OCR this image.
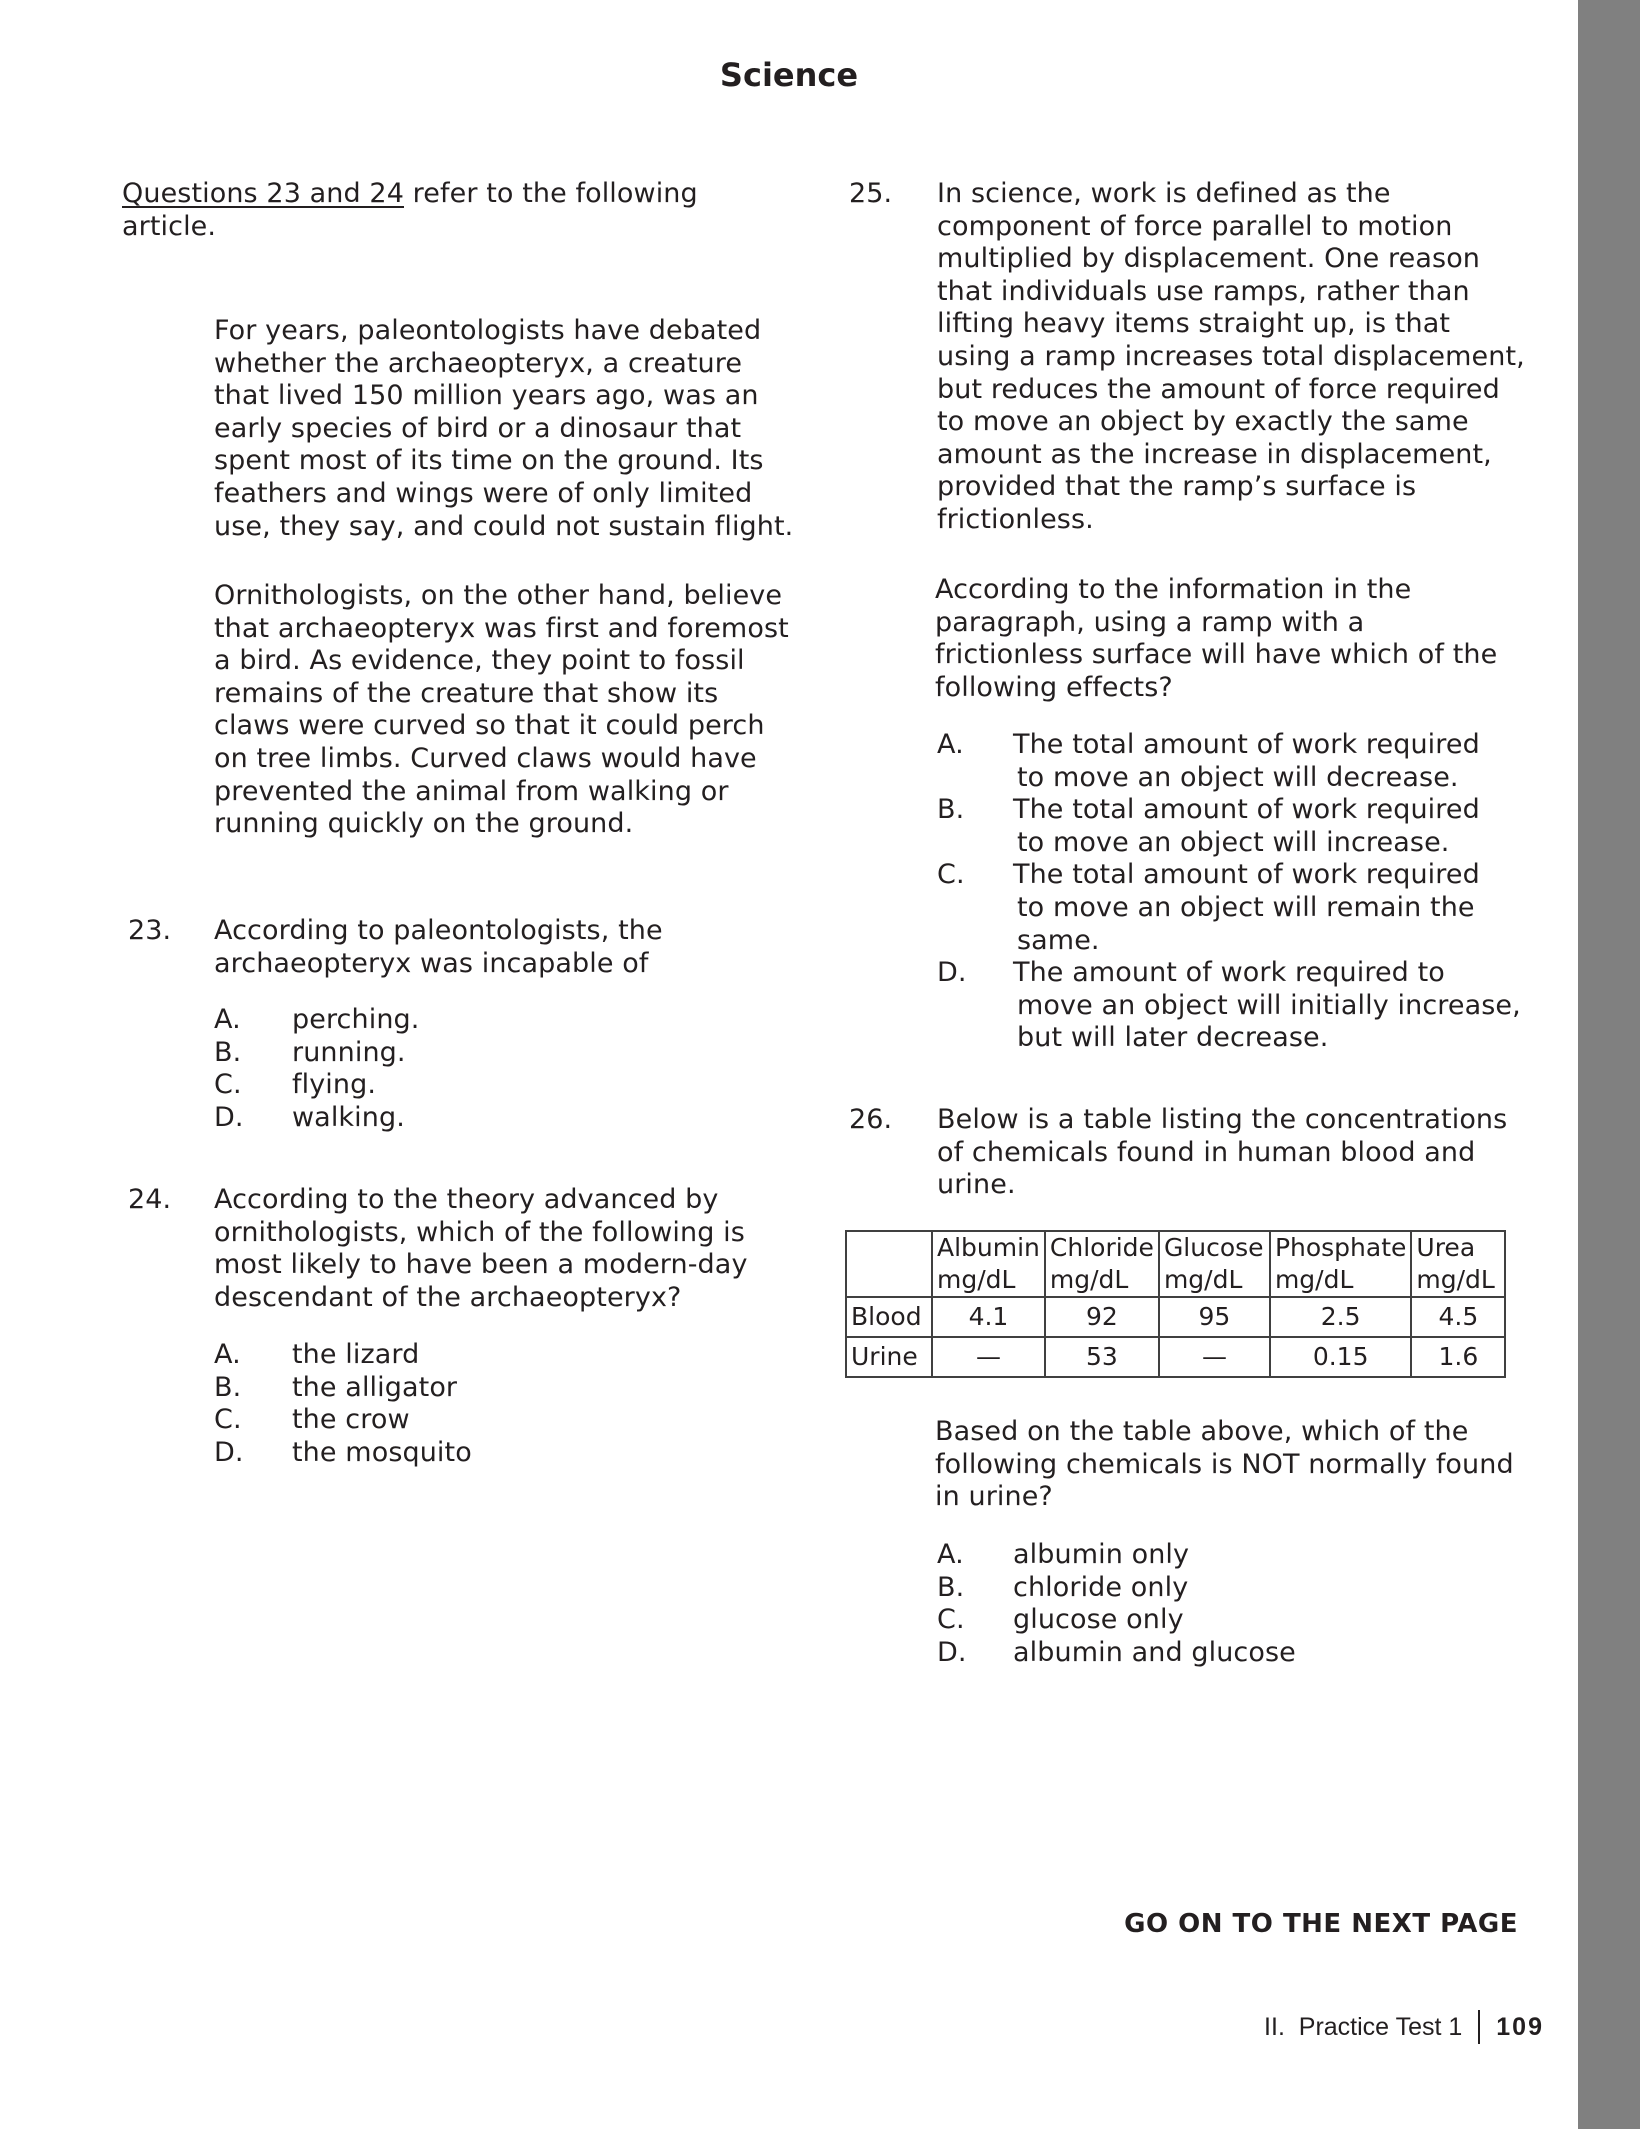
Science
Questions 23 and 24 refer to the following
article.
For years, paleontologists have debated
whether the archaeopteryx, a creature
that lived 150 million years ago, was an
early species of bird or a dinosaur that
spent most of its time on the ground. Its
feathers and wings were of only limited
use, they say, and could not sustain flight.
Ornithologists, on the other hand, believe
that archaeopteryx was first and foremost
a bird. As evidence, they point to fossil
remains of the creature that show its
claws were curved so that it could perch
on tree limbs. Curved claws would have
prevented the animal from walking or
running quickly on the ground.
23. According to paleontologists, the
archaeopteryx was incapable of
A. perching.
B. running.
C. flying.
D. walking.
24. According to the theory advanced by
ornithologists, which of the following is
most likely to have been a modern-day
descendant of the archaeopteryx?
A. the lizard
B. the alligator
C. the crow
D. the mosquito
25. In science, work is defined as the
component of force parallel to motion
multiplied by displacement. One reason
that individuals use ramps, rather than
lifting heavy items straight up, is that
using a ramp increases total displacement,
but reduces the amount of force required
to move an object by exactly the same
amount as the increase in displacement,
provided that the ramp’s surface is
frictionless.
According to the information in the
paragraph, using a ramp with a
frictionless surface will have which of the
following effects?
A.	The total amount of work required
to move an object will decrease.
B.	The total amount of work required
to move an object will increase.
C.	The total amount of work required
to move an object will remain the
same.
D.	The amount of work required to
move an object will initially increase,
but will later decrease.
26. Below is a table listing the concentrations
of chemicals found in human blood and
urine.

	Albumin
mg/dL	Chloride
mg/dL	Glucose
mg/dL	Phosphate
mg/dL	Urea
mg/dL

Blood	4.1	92	95	2.5	4.5
Urine	—	53	—	0.15	1.6
Based on the table above, which of the
following chemicals is NOT normally found
in urine?
A. albumin only
B. chloride only
C. glucose only
D. albumin and glucose
GO ON TO THE NEXT PAGE
II.  Practice Test 1 109
